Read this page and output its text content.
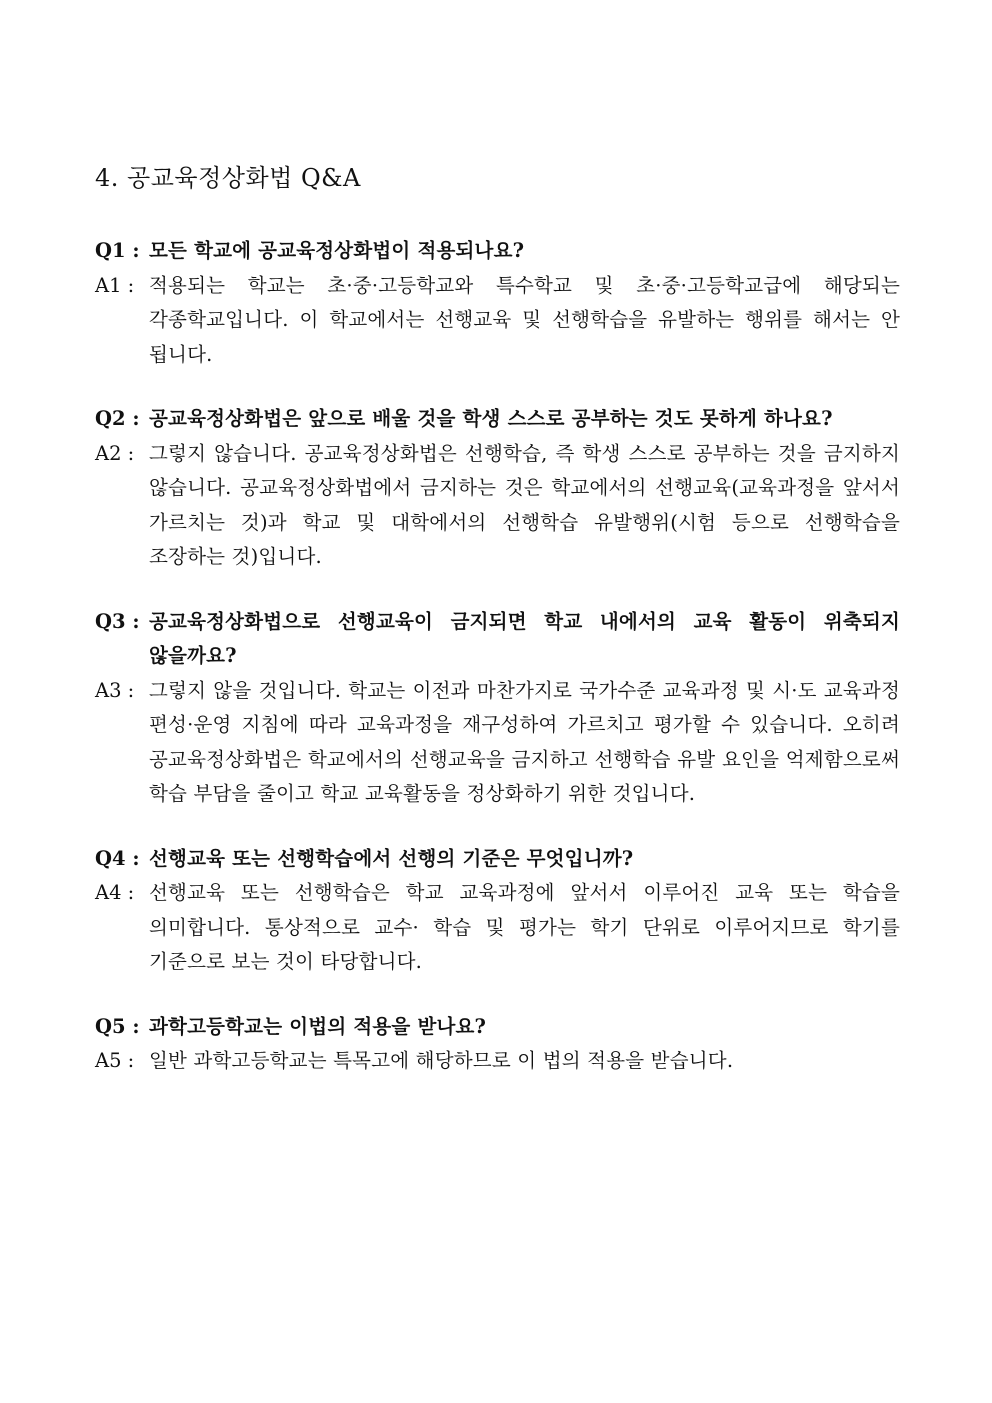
4. 공교육정상화법 Q&A
Q1 : 모든 학교에 공교육정상화법이 적용되나요?
A1 : 적용되는 학교는 초·중·고등학교와 특수학교 및 초·중·고등학교급에 해당되는 각종학교입니다. 이 학교에서는 선행교육 및 선행학습을 유발하는 행위를 해서는 안 됩니다.
Q2 : 공교육정상화법은 앞으로 배울 것을 학생 스스로 공부하는 것도 못하게 하나요?
A2 : 그렇지 않습니다. 공교육정상화법은 선행학습, 즉 학생 스스로 공부하는 것을 금지하지 않습니다. 공교육정상화법에서 금지하는 것은 학교에서의 선행교육(교육과정을 앞서서 가르치는 것)과 학교 및 대학에서의 선행학습 유발행위(시험 등으로 선행학습을 조장하는 것)입니다.
Q3 : 공교육정상화법으로 선행교육이 금지되면 학교 내에서의 교육 활동이 위축되지 않을까요?
A3 : 그렇지 않을 것입니다. 학교는 이전과 마찬가지로 국가수준 교육과정 및 시·도 교육과정 편성·운영 지침에 따라 교육과정을 재구성하여 가르치고 평가할 수 있습니다. 오히려 공교육정상화법은 학교에서의 선행교육을 금지하고 선행학습 유발 요인을 억제함으로써 학습 부담을 줄이고 학교 교육활동을 정상화하기 위한 것입니다.
Q4 : 선행교육 또는 선행학습에서 선행의 기준은 무엇입니까?
A4 : 선행교육 또는 선행학습은 학교 교육과정에 앞서서 이루어진 교육 또는 학습을 의미합니다. 통상적으로 교수· 학습 및 평가는 학기 단위로 이루어지므로 학기를 기준으로 보는 것이 타당합니다.
Q5 : 과학고등학교는 이법의 적용을 받나요?
A5 : 일반 과학고등학교는 특목고에 해당하므로 이 법의 적용을 받습니다.
